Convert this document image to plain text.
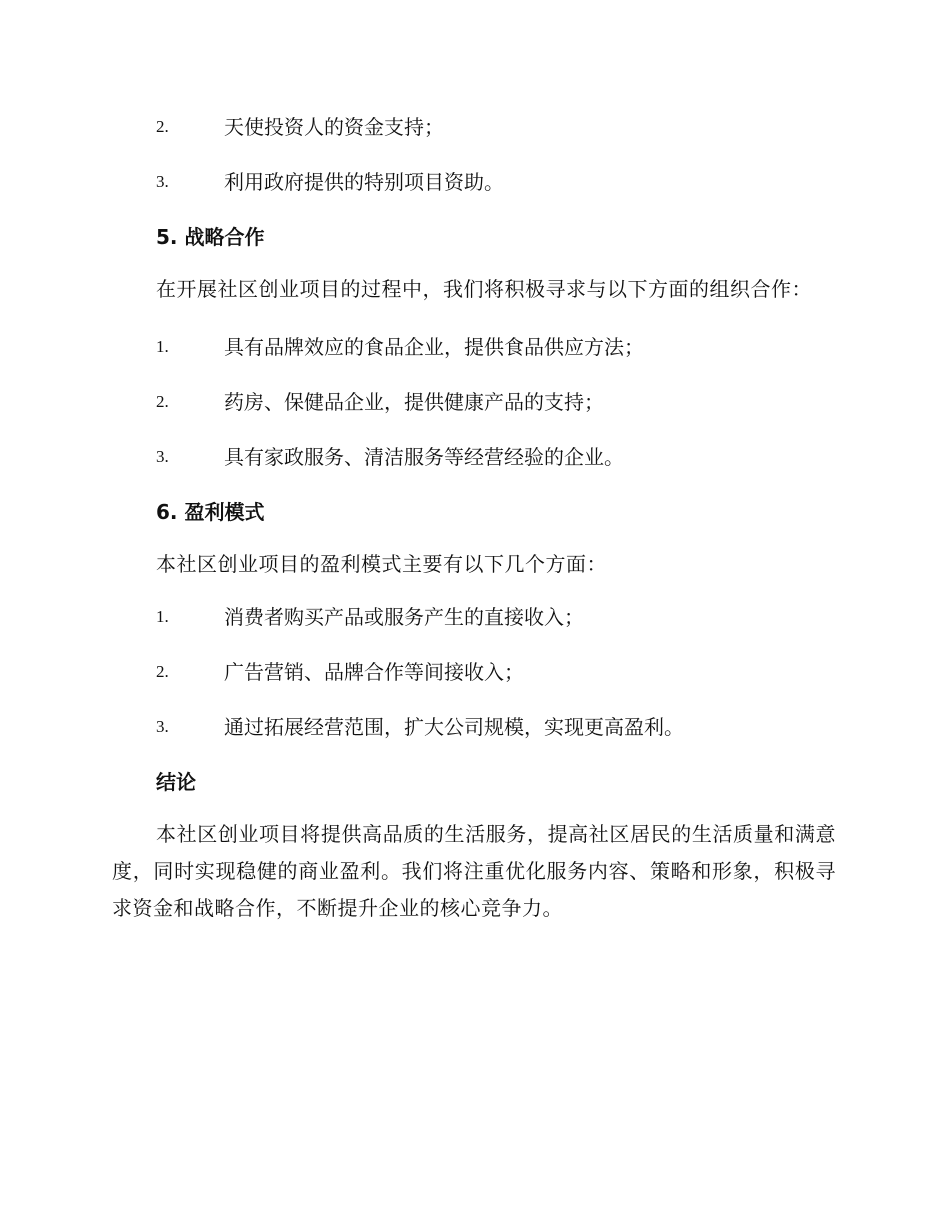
2.	天使投资人的资金支持；
3.	利用政府提供的特别项目资助。
5. 战略合作

在开展社区创业项目的过程中，我们将积极寻求与以下方面的组织合作：

1.	具有品牌效应的食品企业，提供食品供应方法；
2.	药房、保健品企业，提供健康产品的支持；
3.	具有家政服务、清洁服务等经营经验的企业。
6. 盈利模式

本社区创业项目的盈利模式主要有以下几个方面：

1.	消费者购买产品或服务产生的直接收入；
2.	广告营销、品牌合作等间接收入；
3.	通过拓展经营范围，扩大公司规模，实现更高盈利。
结论

本社区创业项目将提供高品质的生活服务，提高社区居民的生活质量和满意度，同时实现稳健的商业盈利。我们将注重优化服务内容、策略和形象，积极寻求资金和战略合作，不断提升企业的核心竞争力。
